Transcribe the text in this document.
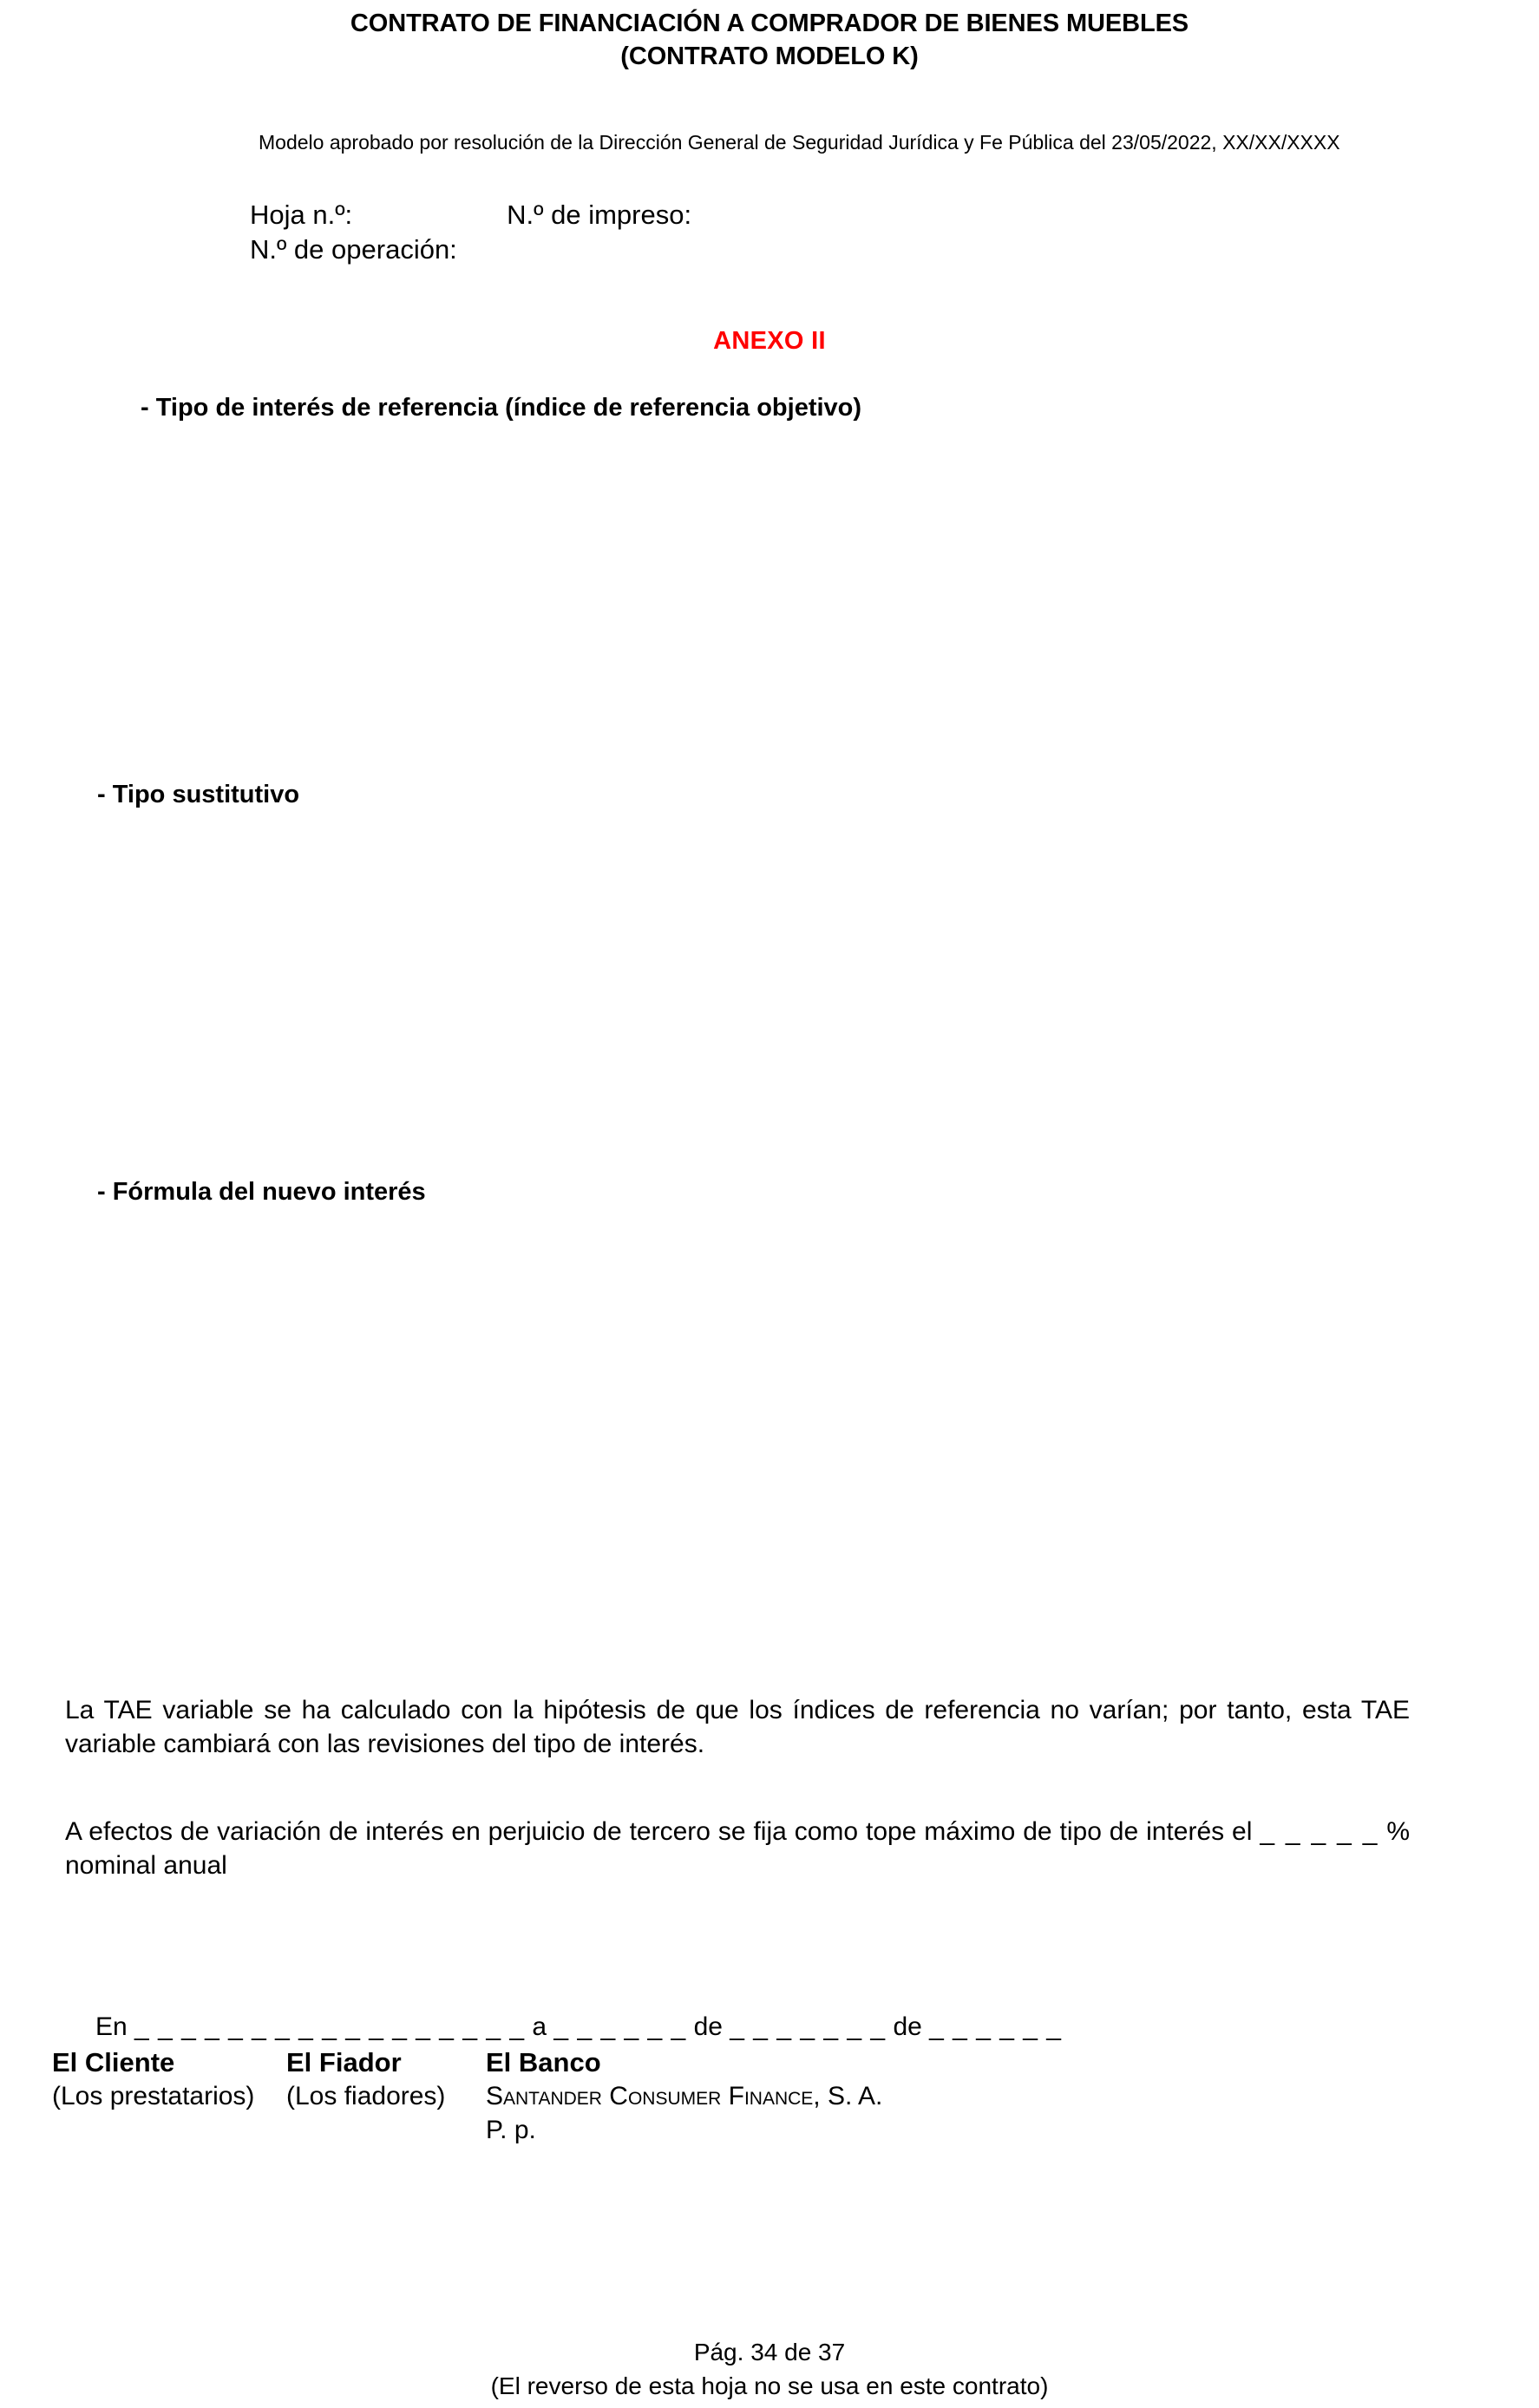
CONTRATO DE FINANCIACIÓN A COMPRADOR DE BIENES MUEBLES
(CONTRATO MODELO K)
Modelo aprobado por resolución de la Dirección General de Seguridad Jurídica y Fe Pública del 23/05/2022, XX/XX/XXXX
Hoja n.º:	N.º de impreso:
N.º de operación:
ANEXO II
- Tipo de interés de referencia (índice de referencia objetivo)
- Tipo sustitutivo
- Fórmula del nuevo interés

La TAE variable se ha calculado con la hipótesis de que los índices de referencia no varían; por tanto, esta TAE variable cambiará con las revisiones del tipo de interés.

A efectos de variación de interés en perjuicio de tercero se fija como tope máximo de tipo de interés el _ _ _ _ _ % nominal anual

En _ _ _ _ _ _ _ _ _ _ _ _ _ _ _ _ _ a _ _ _ _ _ _ de _ _ _ _ _ _ _ de _ _ _ _ _ _
El Cliente
(Los prestatarios)
El Fiador
(Los fiadores)
El Banco
Santander Consumer Finance, S. A.
P. p.
Pág. 34 de 37
(El reverso de esta hoja no se usa en este contrato)
